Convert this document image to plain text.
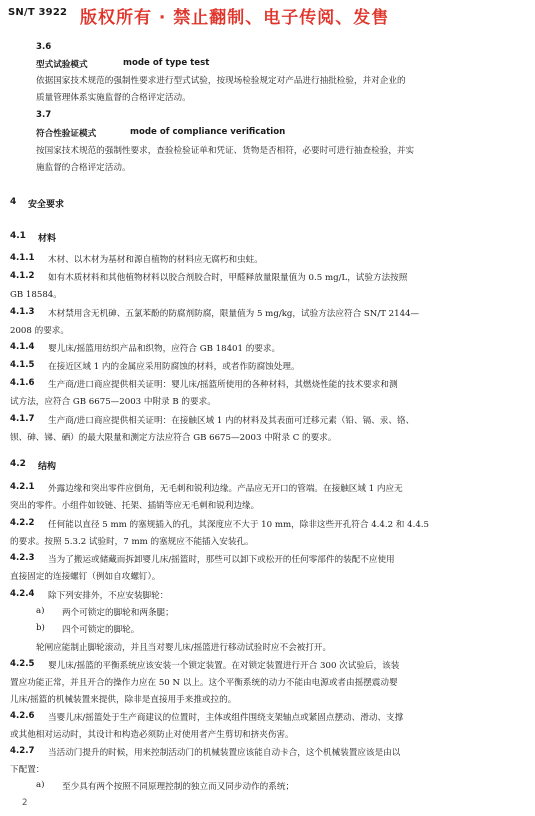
SN/T 3922 版权所有 · 禁止翻制、电子传阅、发售
3.6
型式试验模式	mode of type test
依据国家技术规范的强制性要求进行型式试验，按现场检验规定对产品进行抽批检验，并对企业的
质量管理体系实施监督的合格评定活动。
3.7
符合性验证模式	mode of compliance verification
按国家技术规范的强制性要求，查验检验证单和凭证、货物是否相符，必要时可进行抽查检验，并实
施监督的合格评定活动。
4 安全要求
4.1 材料
4.1.1 木材、以木材为基材和源自植物的材料应无腐朽和虫蛀。
4.1.2 如有木质材料和其他植物材料以胶合剂胶合时，甲醛释放量限量值为 0.5 mg/L，试验方法按照
GB 18584。
4.1.3 木材禁用含无机砷、五氯苯酚的防腐剂防腐，限量值为 5 mg/kg，试验方法应符合 SN/T 2144—
2008 的要求。
4.1.4 婴儿床/摇篮用纺织产品和织物，应符合 GB 18401 的要求。
4.1.5 在接近区域 1 内的金属应采用防腐蚀的材料，或者作防腐蚀处理。
4.1.6 生产商/进口商应提供相关证明：婴儿床/摇篮所使用的各种材料，其燃烧性能的技术要求和测
试方法，应符合 GB 6675—2003 中附录 B 的要求。
4.1.7 生产商/进口商应提供相关证明：在接触区域 1 内的材料及其表面可迁移元素（铅、镉、汞、铬、
钡、砷、锑、硒）的最大限量和测定方法应符合 GB 6675—2003 中附录 C 的要求。
4.2 结构
4.2.1 外露边缘和突出零件应倒角，无毛刺和锐利边缘。产品应无开口的管端。在接触区域 1 内应无
突出的零件。小组件如铰链、托架、插销等应无毛刺和锐利边缘。
4.2.2 任何能以直径 5 mm 的塞规插入的孔，其深度应不大于 10 mm，除非这些开孔符合 4.4.2 和 4.4.5
的要求。按照 5.3.2 试验时，7 mm 的塞规应不能插入安装孔。
4.2.3 当为了搬运或储藏而拆卸婴儿床/摇篮时，那些可以卸下或松开的任何零部件的装配不应使用
直接固定的连接螺钉（例如自攻螺钉）。
4.2.4 除下列安排外，不应安装脚轮：
a) 两个可锁定的脚轮和两条腿；
b) 四个可锁定的脚轮。
轮闸应能制止脚轮滚动，并且当对婴儿床/摇篮进行移动试验时应不会被打开。
4.2.5 婴儿床/摇篮的平衡系统应该安装一个锁定装置。在对锁定装置进行开合 300 次试验后，该装
置应功能正常，并且开合的操作力应在 50 N 以上。这个平衡系统的动力不能由电源或者由摇摆震动婴
儿床/摇篮的机械装置来提供，除非是直接用手来推或拉的。
4.2.6 当婴儿床/摇篮处于生产商建议的位置时，主体或组件围绕支架轴点或紧固点摆动、滑动、支撑
或其他相对运动时，其设计和构造必须防止对使用者产生剪切和挤夹伤害。
4.2.7 当活动门提升的时候，用来控制活动门的机械装置应该能自动卡合，这个机械装置应该是由以
下配置：
a) 至少具有两个按照不同原理控制的独立而又同步动作的系统；
2
